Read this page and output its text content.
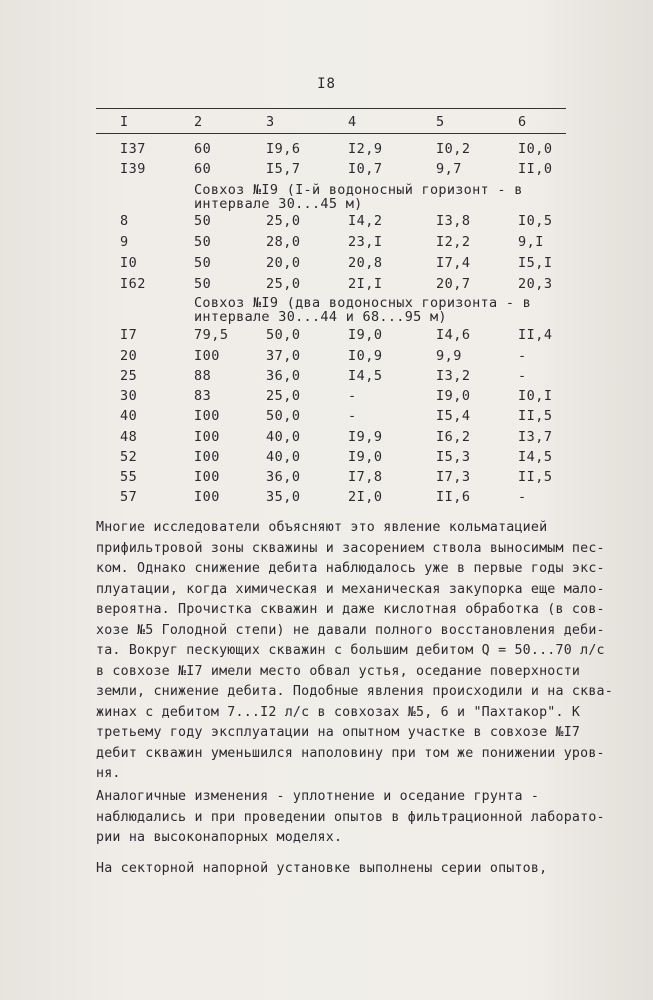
I8
I	2	3	4	5	6
I37	60	I9,6	I2,9	I0,2	I0,0
I39	60	I5,7	I0,7	9,7	II,0
Совхоз №I9 (I-й водоносный горизонт - в
интервале 30...45 м)
8	50	25,0	I4,2	I3,8	I0,5
9	50	28,0	23,I	I2,2	9,I
I0	50	20,0	20,8	I7,4	I5,I
I62	50	25,0	2I,I	20,7	20,3
Совхоз №I9 (два водоносных горизонта - в
интервале 30...44 и 68...95 м)
I7	79,5	50,0	I9,0	I4,6	II,4
20	I00	37,0	I0,9	9,9	-
25	88	36,0	I4,5	I3,2	-
30	83	25,0	-	I9,0	I0,I
40	I00	50,0	-	I5,4	II,5
48	I00	40,0	I9,9	I6,2	I3,7
52	I00	40,0	I9,0	I5,3	I4,5
55	I00	36,0	I7,8	I7,3	II,5
57	I00	35,0	2I,0	II,6	-
Многие исследователи объясняют это явление кольматацией
прифильтровой зоны скважины и засорением ствола выносимым пес-
ком. Однако снижение дебита наблюдалось уже в первые годы экс-
плуатации, когда химическая и механическая закупорка еще мало-
вероятна. Прочистка скважин и даже кислотная обработка (в сов-
хозе №5 Голодной степи) не давали полного восстановления деби-
та. Вокруг пескующих скважин с большим дебитом Q = 50...70 л/с
в совхозе №I7 имели место обвал устья, оседание поверхности
земли, снижение дебита. Подобные явления происходили и на сква-
жинах с дебитом 7...I2 л/с в совхозах №5, 6 и "Пахтакор". К
третьему году эксплуатации на опытном участке в совхозе №I7
дебит скважин уменьшился наполовину при том же понижении уров-
ня.
Аналогичные изменения - уплотнение и оседание грунта -
наблюдались и при проведении опытов в фильтрационной лаборато-
рии на высоконапорных моделях.
На секторной напорной установке выполнены серии опытов,
